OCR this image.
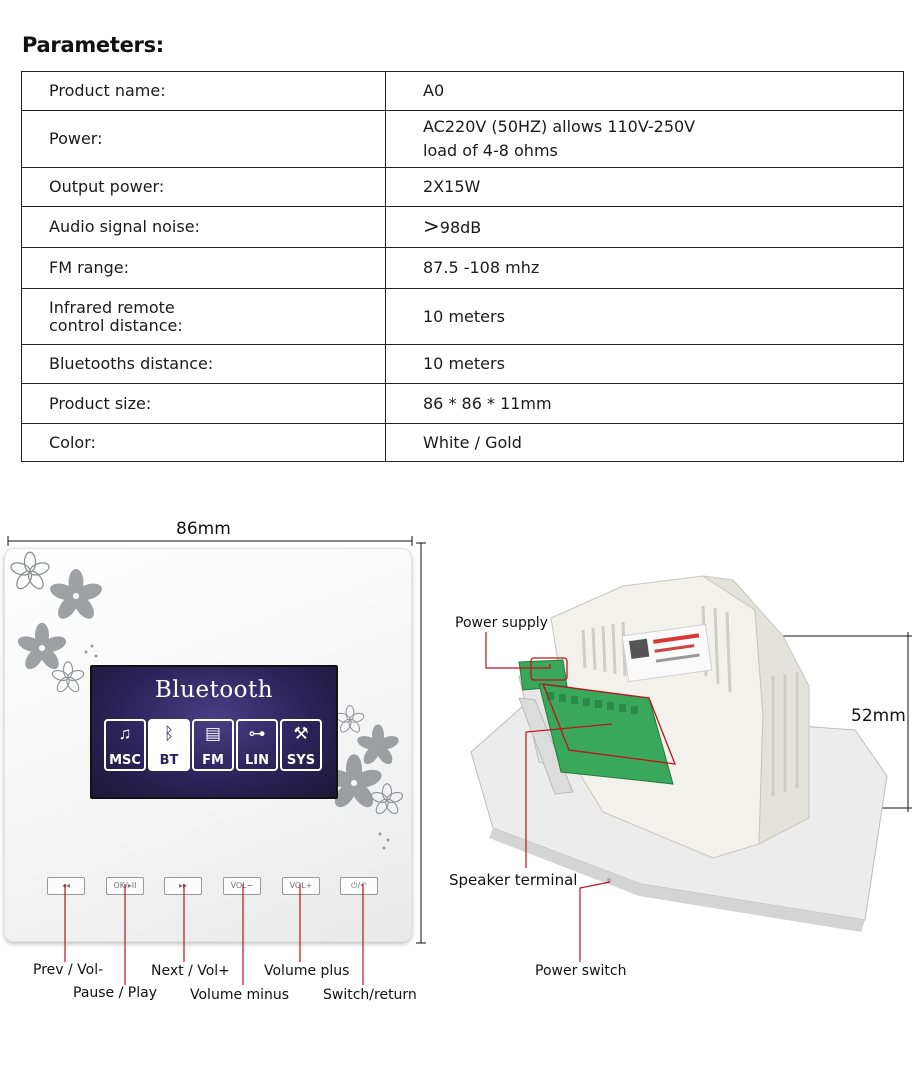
Parameters:
Product name:	A0
Power:	AC220V (50HZ) allows 110V-250V
load of 4-8 ohms

Output power:	2X15W
Audio signal noise:	>98dB
FM range:	87.5 -108 mhz

Infrared remote
control distance:	10 meters
Bluetooths distance:	10 meters
Product size:	86 * 86 * 11mm
Color:	White / Gold
86mm
Bluetooth
♫
MSC
ᛒ
BT
▤
FM
⊶
LIN
⚒
SYS
◂◂	OK/▸II	▸▸	VOL−	VOL+	⏻/↶
Prev / Vol-
Pause / Play
Next / Vol+
Volume minus
Volume plus
Switch/return
Power supply
Speaker terminal
Power switch
52mm
